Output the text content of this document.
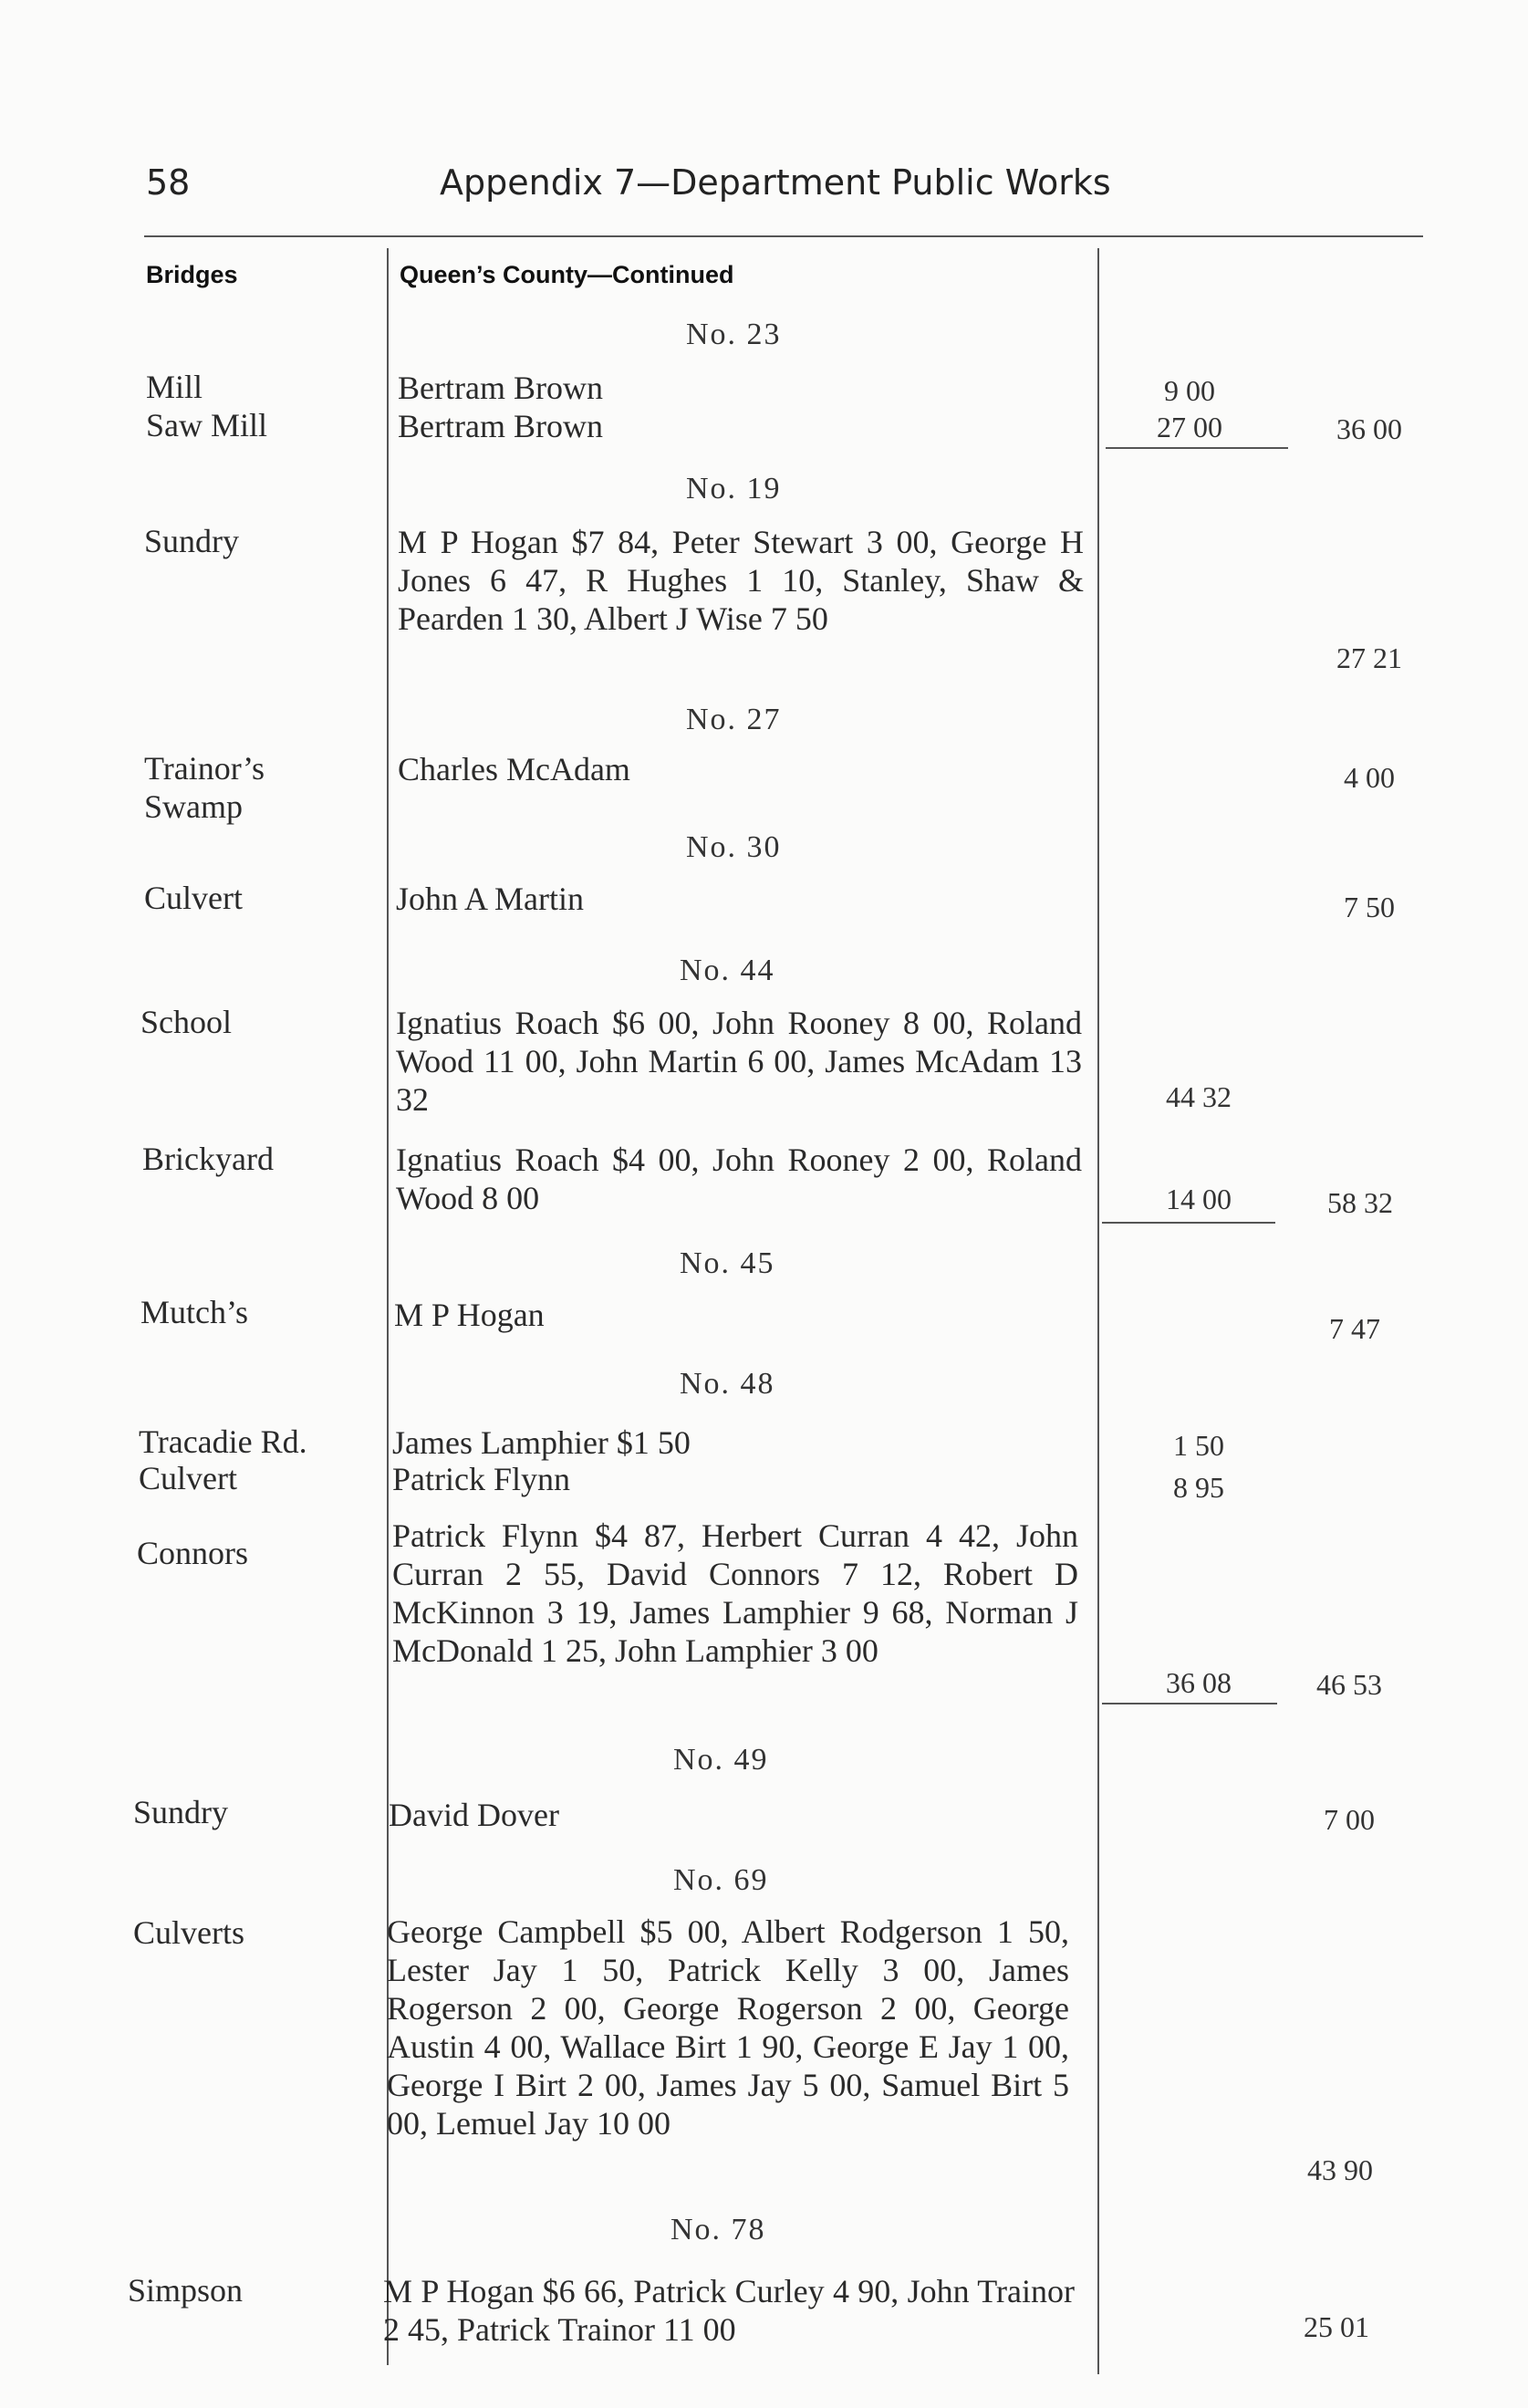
58	Appendix 7—Department Public Works
Bridges	Queen’s County—Continued
No. 23
No. 19
No. 27
No. 30
No. 44
No. 45
No. 48
No. 49
No. 69
No. 78
Mill
Saw Mill
Sundry
Trainor’s
Swamp
Culvert
School
Brickyard
Mutch’s
Tracadie Rd.
Culvert
Connors
Sundry
Culverts
Simpson
Bertram Brown
Bertram Brown
M P Hogan $7 84, Peter Stewart 3 00, George H Jones 6 47, R Hughes 1 10, Stanley, Shaw & Pearden 1 30, Albert J Wise 7 50
Charles McAdam
John A Martin
Ignatius Roach $6 00, John Rooney 8 00, Roland Wood 11 00, John Martin 6 00, James McAdam 13 32
Ignatius Roach $4 00, John Rooney 2 00, Roland Wood 8 00
M P Hogan
James Lamphier $1 50
Patrick Flynn
Patrick Flynn $4 87, Herbert Curran 4 42, John Curran 2 55, David Connors 7 12, Robert D McKinnon 3 19, James Lamphier 9 68, Norman J McDonald 1 25, John Lamphier 3 00
David Dover
George Campbell $5 00, Albert Rodgerson 1 50, Lester Jay 1 50, Patrick Kelly 3 00, James Rogerson 2 00, George Rogerson 2 00, George Austin 4 00, Wallace Birt 1 90, George E Jay 1 00, George I Birt 2 00, James Jay 5 00, Samuel Birt 5 00, Lemuel Jay 10 00
M P Hogan $6 66, Patrick Curley 4 90, John Trainor 2 45, Patrick Trainor 11 00
9 00
27 00
44 32
14 00
1 50
8 95
36 08
36 00
27 21
4 00
7 50
58 32
7 47
46 53
7 00
43 90
25 01
